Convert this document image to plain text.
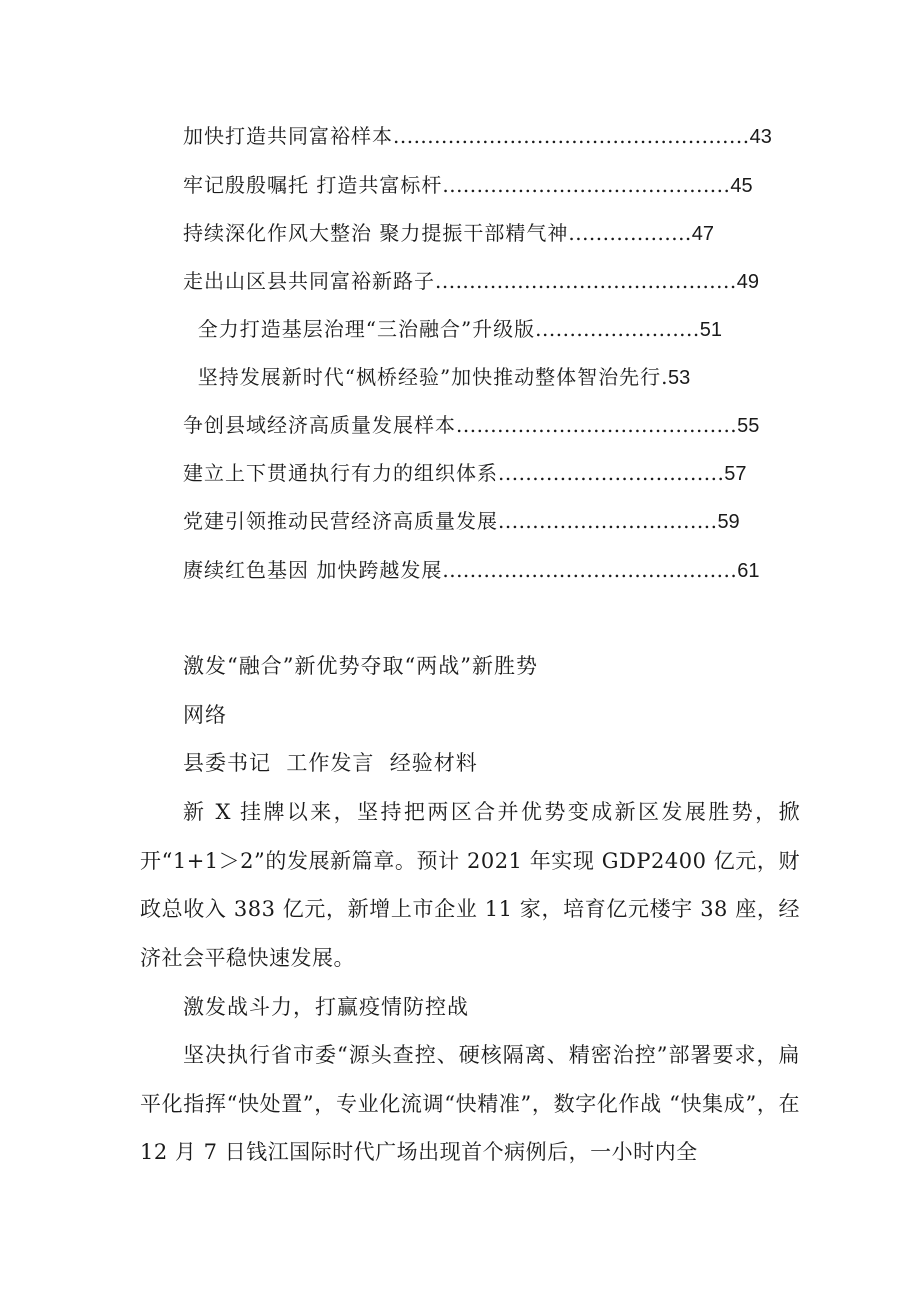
加快打造共同富裕样本....................................................43
牢记殷殷嘱托 打造共富标杆..........................................45
持续深化作风大整治 聚力提振干部精气神..................47
走出山区县共同富裕新路子............................................49
全力打造基层治理“三治融合”升级版........................51
坚持发展新时代“枫桥经验”加快推动整体智治先行.53
争创县域经济高质量发展样本.........................................55
建立上下贯通执行有力的组织体系.................................57
党建引领推动民营经济高质量发展................................59
赓续红色基因 加快跨越发展...........................................61
激发“融合”新优势夺取“两战”新胜势
网络
县委书记  工作发言  经验材料
新 X 挂牌以来，坚持把两区合并优势变成新区发展胜势，掀开“1+1＞2”的发展新篇章。预计 2021 年实现 GDP2400 亿元，财政总收入 383 亿元，新增上市企业 11 家，培育亿元楼宇 38 座，经济社会平稳快速发展。
激发战斗力，打赢疫情防控战
坚决执行省市委“源头查控、硬核隔离、精密治控”部署要求，扁平化指挥“快处置”，专业化流调“快精准”，数字化作战 “快集成”，在 12 月 7 日钱江国际时代广场出现首个病例后，一小时内全
